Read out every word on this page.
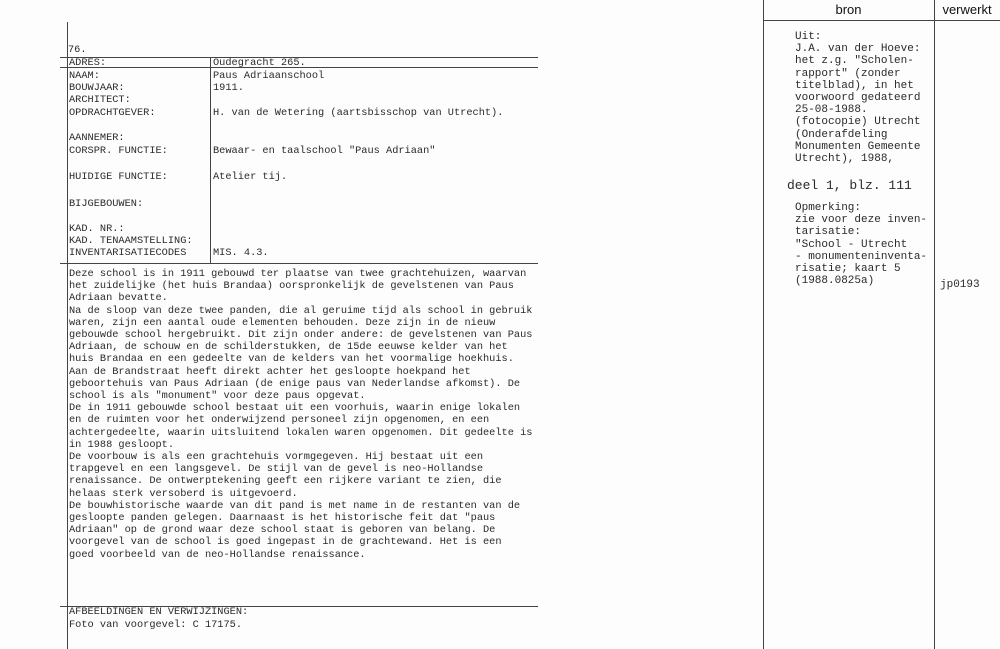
76.
ADRES:	Oudegracht 265.
NAAM:	Paus Adriaanschool
BOUWJAAR:	1911.
ARCHITECT:
OPDRACHTGEVER:	H. van de Wetering (aartsbisschop van Utrecht).
AANNEMER:
CORSPR. FUNCTIE:	Bewaar- en taalschool "Paus Adriaan"
HUIDIGE FUNCTIE:	Atelier tij.
BIJGEBOUWEN:
KAD. NR.:
KAD. TENAAMSTELLING:
INVENTARISATIECODES	MIS. 4.3.
Deze school is in 1911 gebouwd ter plaatse van twee grachtehuizen, waarvan
het zuidelijke (het huis Brandaa) oorspronkelijk de gevelstenen van Paus
Adriaan bevatte.
Na de sloop van deze twee panden, die al geruime tijd als school in gebruik
waren, zijn een aantal oude elementen behouden. Deze zijn in de nieuw
gebouwde school hergebruikt. Dit zijn onder andere: de gevelstenen van Paus
Adriaan, de schouw en de schilderstukken, de 15de eeuwse kelder van het
huis Brandaa en een gedeelte van de kelders van het voormalige hoekhuis.
Aan de Brandstraat heeft direkt achter het gesloopte hoekpand het
geboortehuis van Paus Adriaan (de enige paus van Nederlandse afkomst). De
school is als "monument" voor deze paus opgevat.
De in 1911 gebouwde school bestaat uit een voorhuis, waarin enige lokalen
en de ruimten voor het onderwijzend personeel zijn opgenomen, en een
achtergedeelte, waarin uitsluitend lokalen waren opgenomen. Dit gedeelte is
in 1988 gesloopt.
De voorbouw is als een grachtehuis vormgegeven. Hij bestaat uit een
trapgevel en een langsgevel. De stijl van de gevel is neo-Hollandse
renaissance. De ontwerptekening geeft een rijkere variant te zien, die
helaas sterk versoberd is uitgevoerd.
De bouwhistorische waarde van dit pand is met name in de restanten van de
gesloopte panden gelegen. Daarnaast is het historische feit dat "paus
Adriaan" op de grond waar deze school staat is geboren van belang. De
voorgevel van de school is goed ingepast in de grachtewand. Het is een
goed voorbeeld van de neo-Hollandse renaissance.
AFBEELDINGEN EN VERWIJZINGEN:
Foto van voorgevel: C 17175.
bron	verwerkt
Uit:
J.A. van der Hoeve:
het z.g. "Scholen-
rapport" (zonder
titelblad), in het
voorwoord gedateerd
25-08-1988.
(fotocopie) Utrecht
(Onderafdeling
Monumenten Gemeente
Utrecht), 1988,
deel 1, blz. 111
Opmerking:
zie voor deze inven-
tarisatie:
"School - Utrecht
- monumenteninventa-
risatie; kaart 5
(1988.0825a)	jp0193
